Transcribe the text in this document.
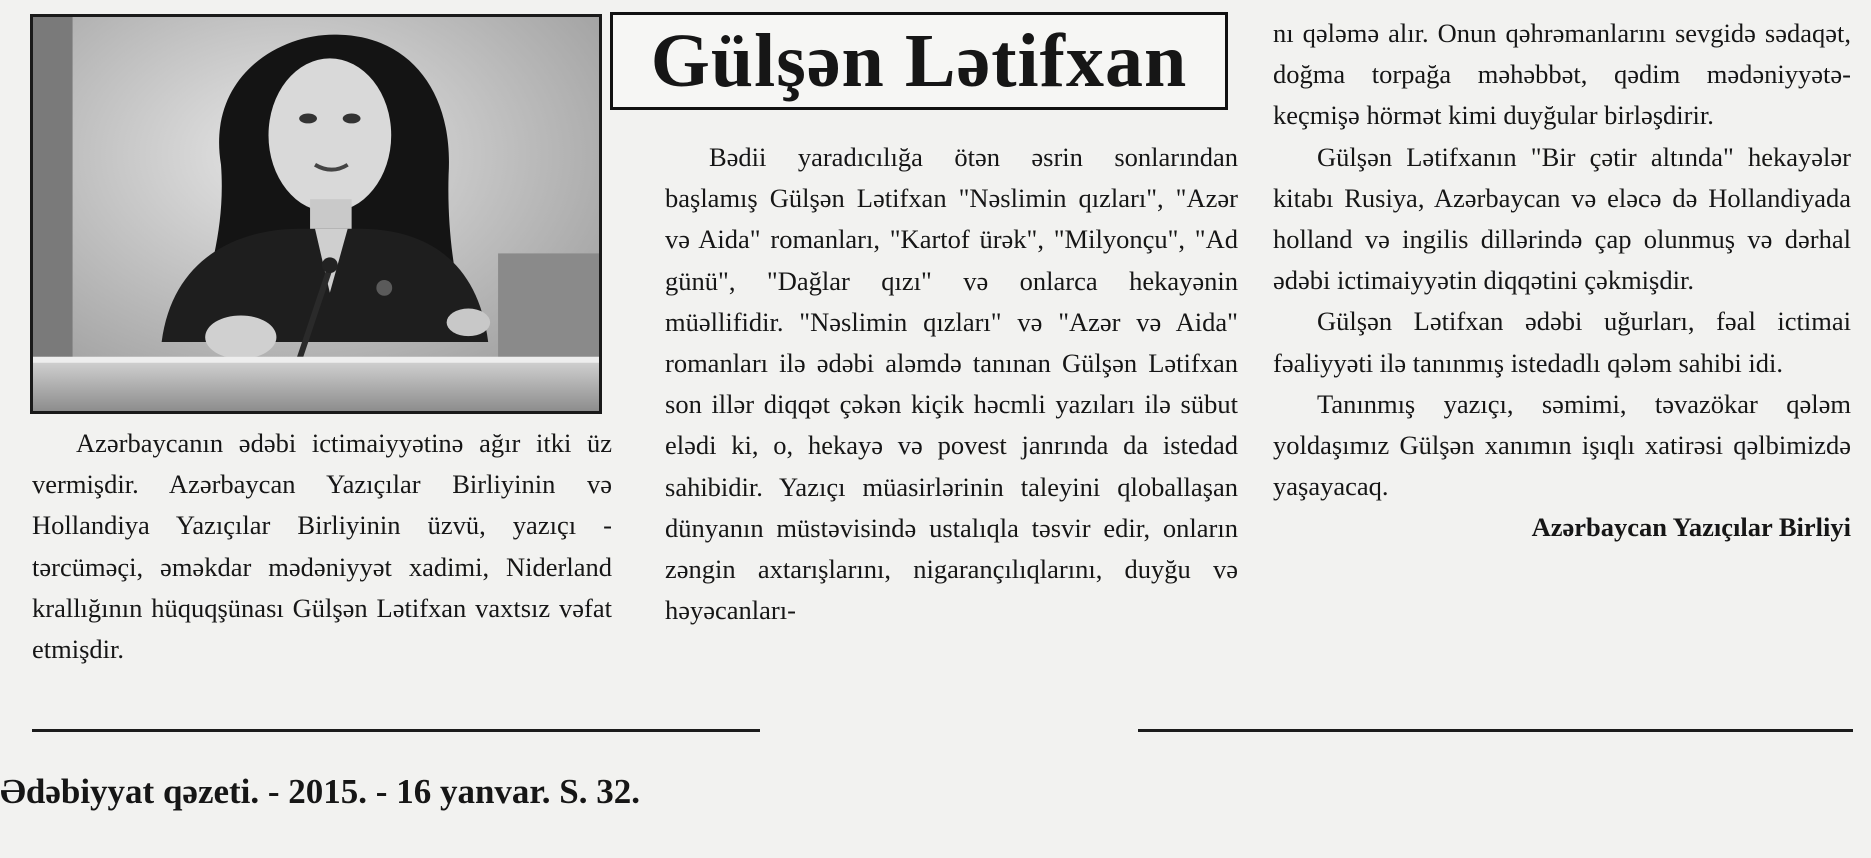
Gülşən Lətifxan

Azərbaycanın ədəbi ictimaiyyətinə ağır itki üz vermişdir. Azərbaycan Yazıçılar Birliyinin və Hollandiya Yazıçılar Birliyinin üzvü, yazıçı - tərcüməçi, əməkdar mədəniyyət xadimi, Niderland krallığının hüquqşünası Gülşən Lətifxan vaxtsız vəfat etmişdir.

Bədii yaradıcılığa ötən əsrin sonlarından başlamış Gülşən Lətifxan "Nəslimin qızları", "Azər və Aida" romanları, "Kartof ürək", "Milyonçu", "Ad günü", "Dağlar qızı" və onlarca hekayənin müəllifidir. "Nəslimin qızları" və "Azər və Aida" romanları ilə ədəbi aləmdə tanınan Gülşən Lətifxan son illər diqqət çəkən kiçik həcmli yazıları ilə sübut elədi ki, o, hekayə və povest janrında da istedad sahibidir. Yazıçı müasirlərinin taleyini qloballaşan dünyanın müstəvisində ustalıqla təsvir edir, onların zəngin axtarışlarını, nigarançılıqlarını, duyğu və həyəcanları-

nı qələmə alır. Onun qəhrəmanlarını sevgidə sədaqət, doğma torpağa məhəbbət, qədim mədəniyyətə-keçmişə hörmət kimi duyğular birləşdirir.

Gülşən Lətifxanın "Bir çətir altında" hekayələr kitabı Rusiya, Azərbaycan və eləcə də Hollandiyada holland və ingilis dillərində çap olunmuş və dərhal ədəbi ictimaiyyətin diqqətini çəkmişdir.

Gülşən Lətifxan ədəbi uğurları, fəal ictimai fəaliyyəti ilə tanınmış istedadlı qələm sahibi idi.

Tanınmış yazıçı, səmimi, təvazökar qələm yoldaşımız Gülşən xanımın işıqlı xatirəsi qəlbimizdə yaşayacaq.

Azərbaycan Yazıçılar Birliyi

Ədəbiyyat qəzeti. - 2015. - 16 yanvar. S. 32.
